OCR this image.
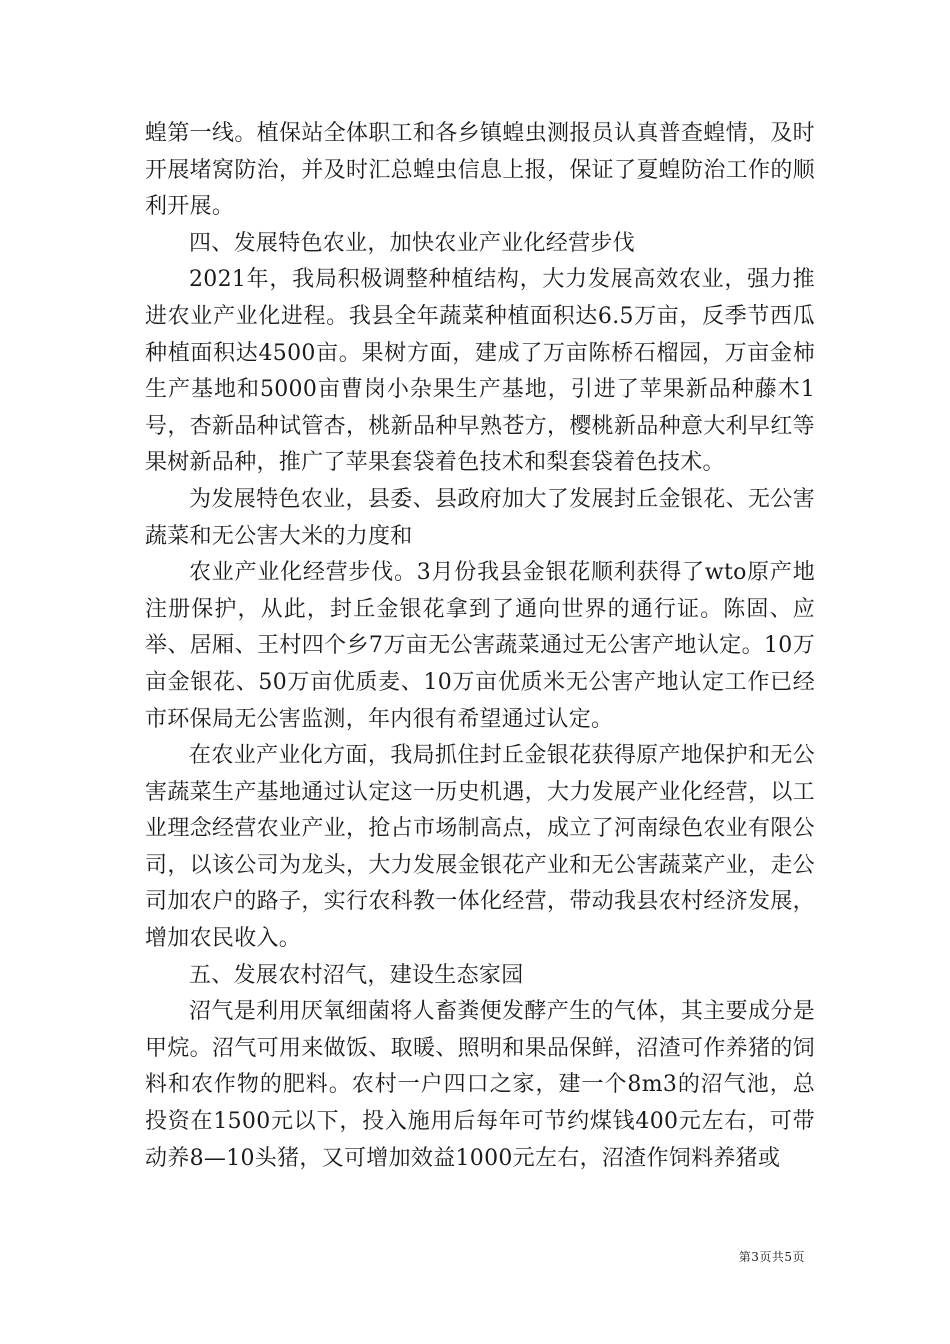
蝗第一线。植保站全体职工和各乡镇蝗虫测报员认真普查蝗情，及时开展堵窝防治，并及时汇总蝗虫信息上报，保证了夏蝗防治工作的顺利开展。

四、发展特色农业，加快农业产业化经营步伐

2021年，我局积极调整种植结构，大力发展高效农业，强力推进农业产业化进程。我县全年蔬菜种植面积达6.5万亩，反季节西瓜种植面积达4500亩。果树方面，建成了万亩陈桥石榴园，万亩金柿生产基地和5000亩曹岗小杂果生产基地，引进了苹果新品种藤木1号，杏新品种试管杏，桃新品种早熟苍方，樱桃新品种意大利早红等果树新品种，推广了苹果套袋着色技术和梨套袋着色技术。

为发展特色农业，县委、县政府加大了发展封丘金银花、无公害蔬菜和无公害大米的力度和

农业产业化经营步伐。3月份我县金银花顺利获得了wto原产地注册保护，从此，封丘金银花拿到了通向世界的通行证。陈固、应举、居厢、王村四个乡7万亩无公害蔬菜通过无公害产地认定。10万亩金银花、50万亩优质麦、10万亩优质米无公害产地认定工作已经市环保局无公害监测，年内很有希望通过认定。

在农业产业化方面，我局抓住封丘金银花获得原产地保护和无公害蔬菜生产基地通过认定这一历史机遇，大力发展产业化经营，以工业理念经营农业产业，抢占市场制高点，成立了河南绿色农业有限公司，以该公司为龙头，大力发展金银花产业和无公害蔬菜产业，走公司加农户的路子，实行农科教一体化经营，带动我县农村经济发展，增加农民收入。

五、发展农村沼气，建设生态家园

沼气是利用厌氧细菌将人畜粪便发酵产生的气体，其主要成分是甲烷。沼气可用来做饭、取暖、照明和果品保鲜，沼渣可作养猪的饲料和农作物的肥料。农村一户四口之家，建一个8m3的沼气池，总投资在1500元以下，投入施用后每年可节约煤钱400元左右，可带动养8—10头猪，又可增加效益1000元左右，沼渣作饲料养猪或

第3页共5页
